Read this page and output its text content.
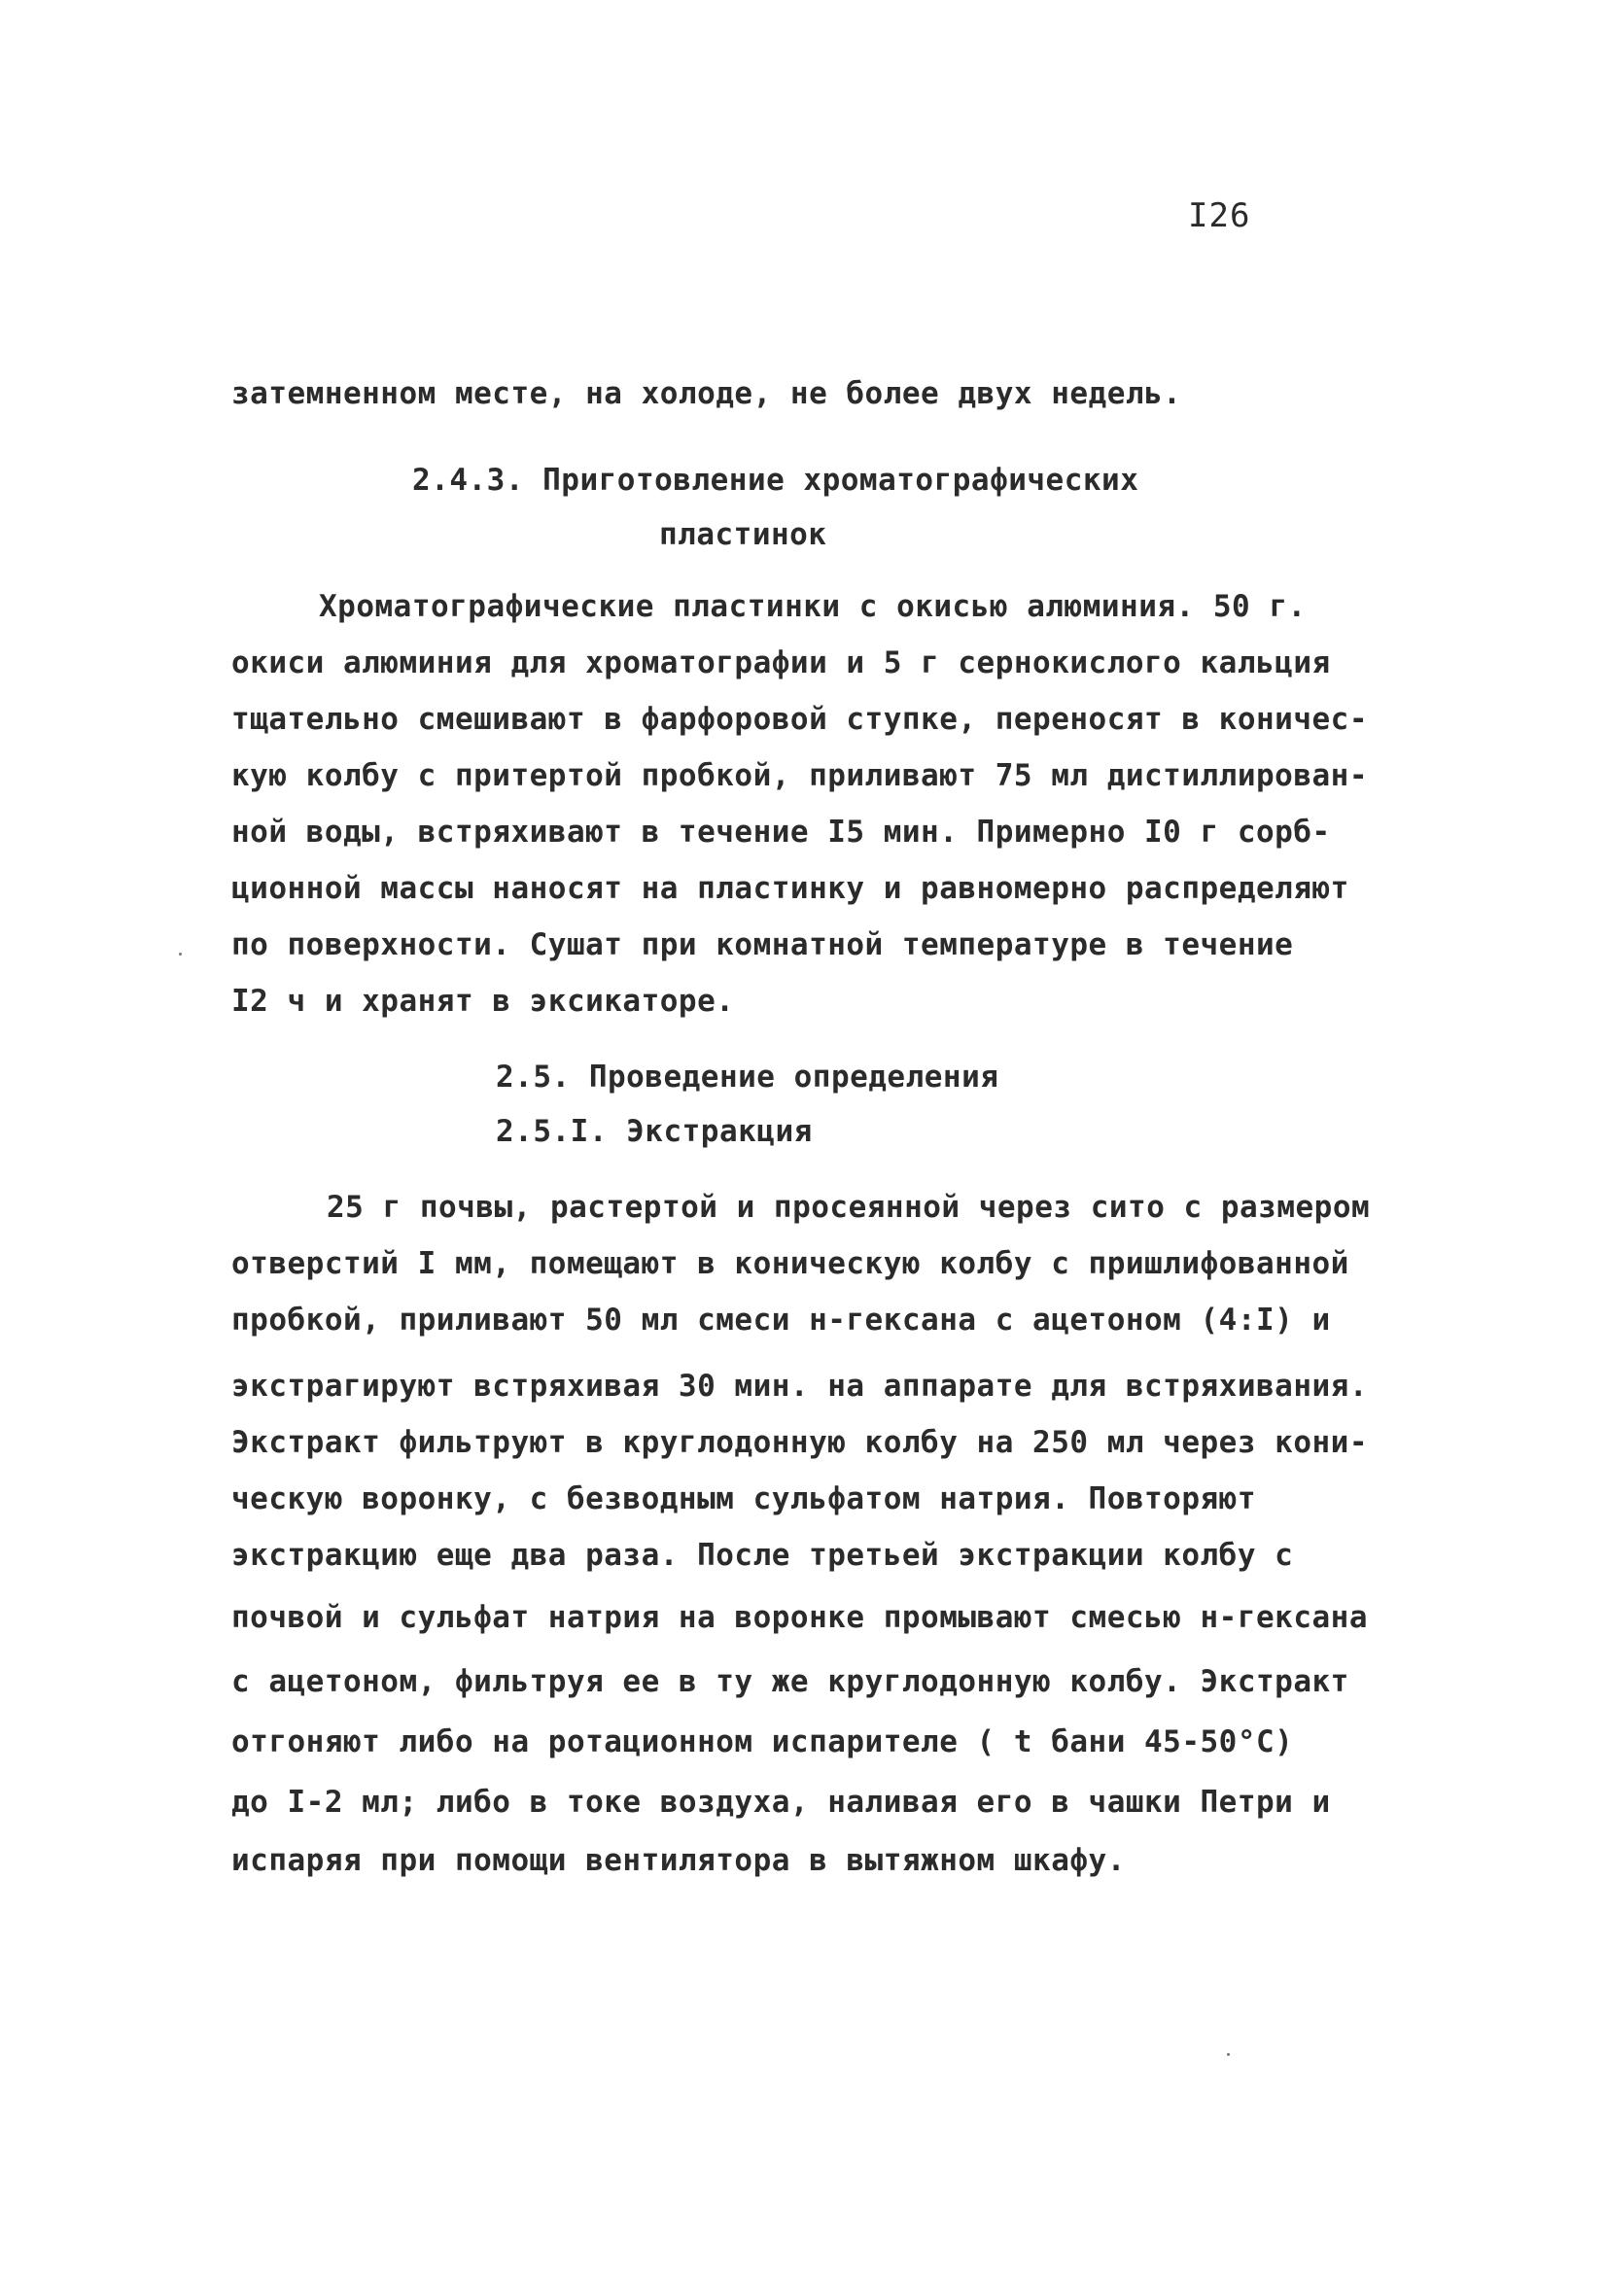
I26
затемненном месте, на холоде, не более двух недель.
2.4.3. Приготовление хроматографических
пластинок
Хроматографические пластинки с окисью алюминия. 50 г.
окиси алюминия для хроматографии и 5 г сернокислого кальция
тщательно смешивают в фарфоровой ступке, переносят в коничес-
кую колбу с притертой пробкой, приливают 75 мл дистиллирован-
ной воды, встряхивают в течение I5 мин. Примерно I0 г сорб-
ционной массы наносят на пластинку и равномерно распределяют
по поверхности. Сушат при комнатной температуре в течение
I2 ч и хранят в эксикаторе.
2.5. Проведение определения
2.5.I. Экстракция
25 г почвы, растертой и просеянной через сито с размером
отверстий I мм, помещают в коническую колбу с пришлифованной
пробкой, приливают 50 мл смеси н-гексана с ацетоном (4:I) и
экстрагируют встряхивая 30 мин. на аппарате для встряхивания.
Экстракт фильтруют в круглодонную колбу на 250 мл через кони-
ческую воронку, с безводным сульфатом натрия. Повторяют
экстракцию еще два раза. После третьей экстракции колбу с
почвой и сульфат натрия на воронке промывают смесью н-гексана
с ацетоном, фильтруя ее в ту же круглодонную колбу. Экстракт
отгоняют либо на ротационном испарителе ( t бани 45-50°С)
до I-2 мл; либо в токе воздуха, наливая его в чашки Петри и
испаряя при помощи вентилятора в вытяжном шкафу.
